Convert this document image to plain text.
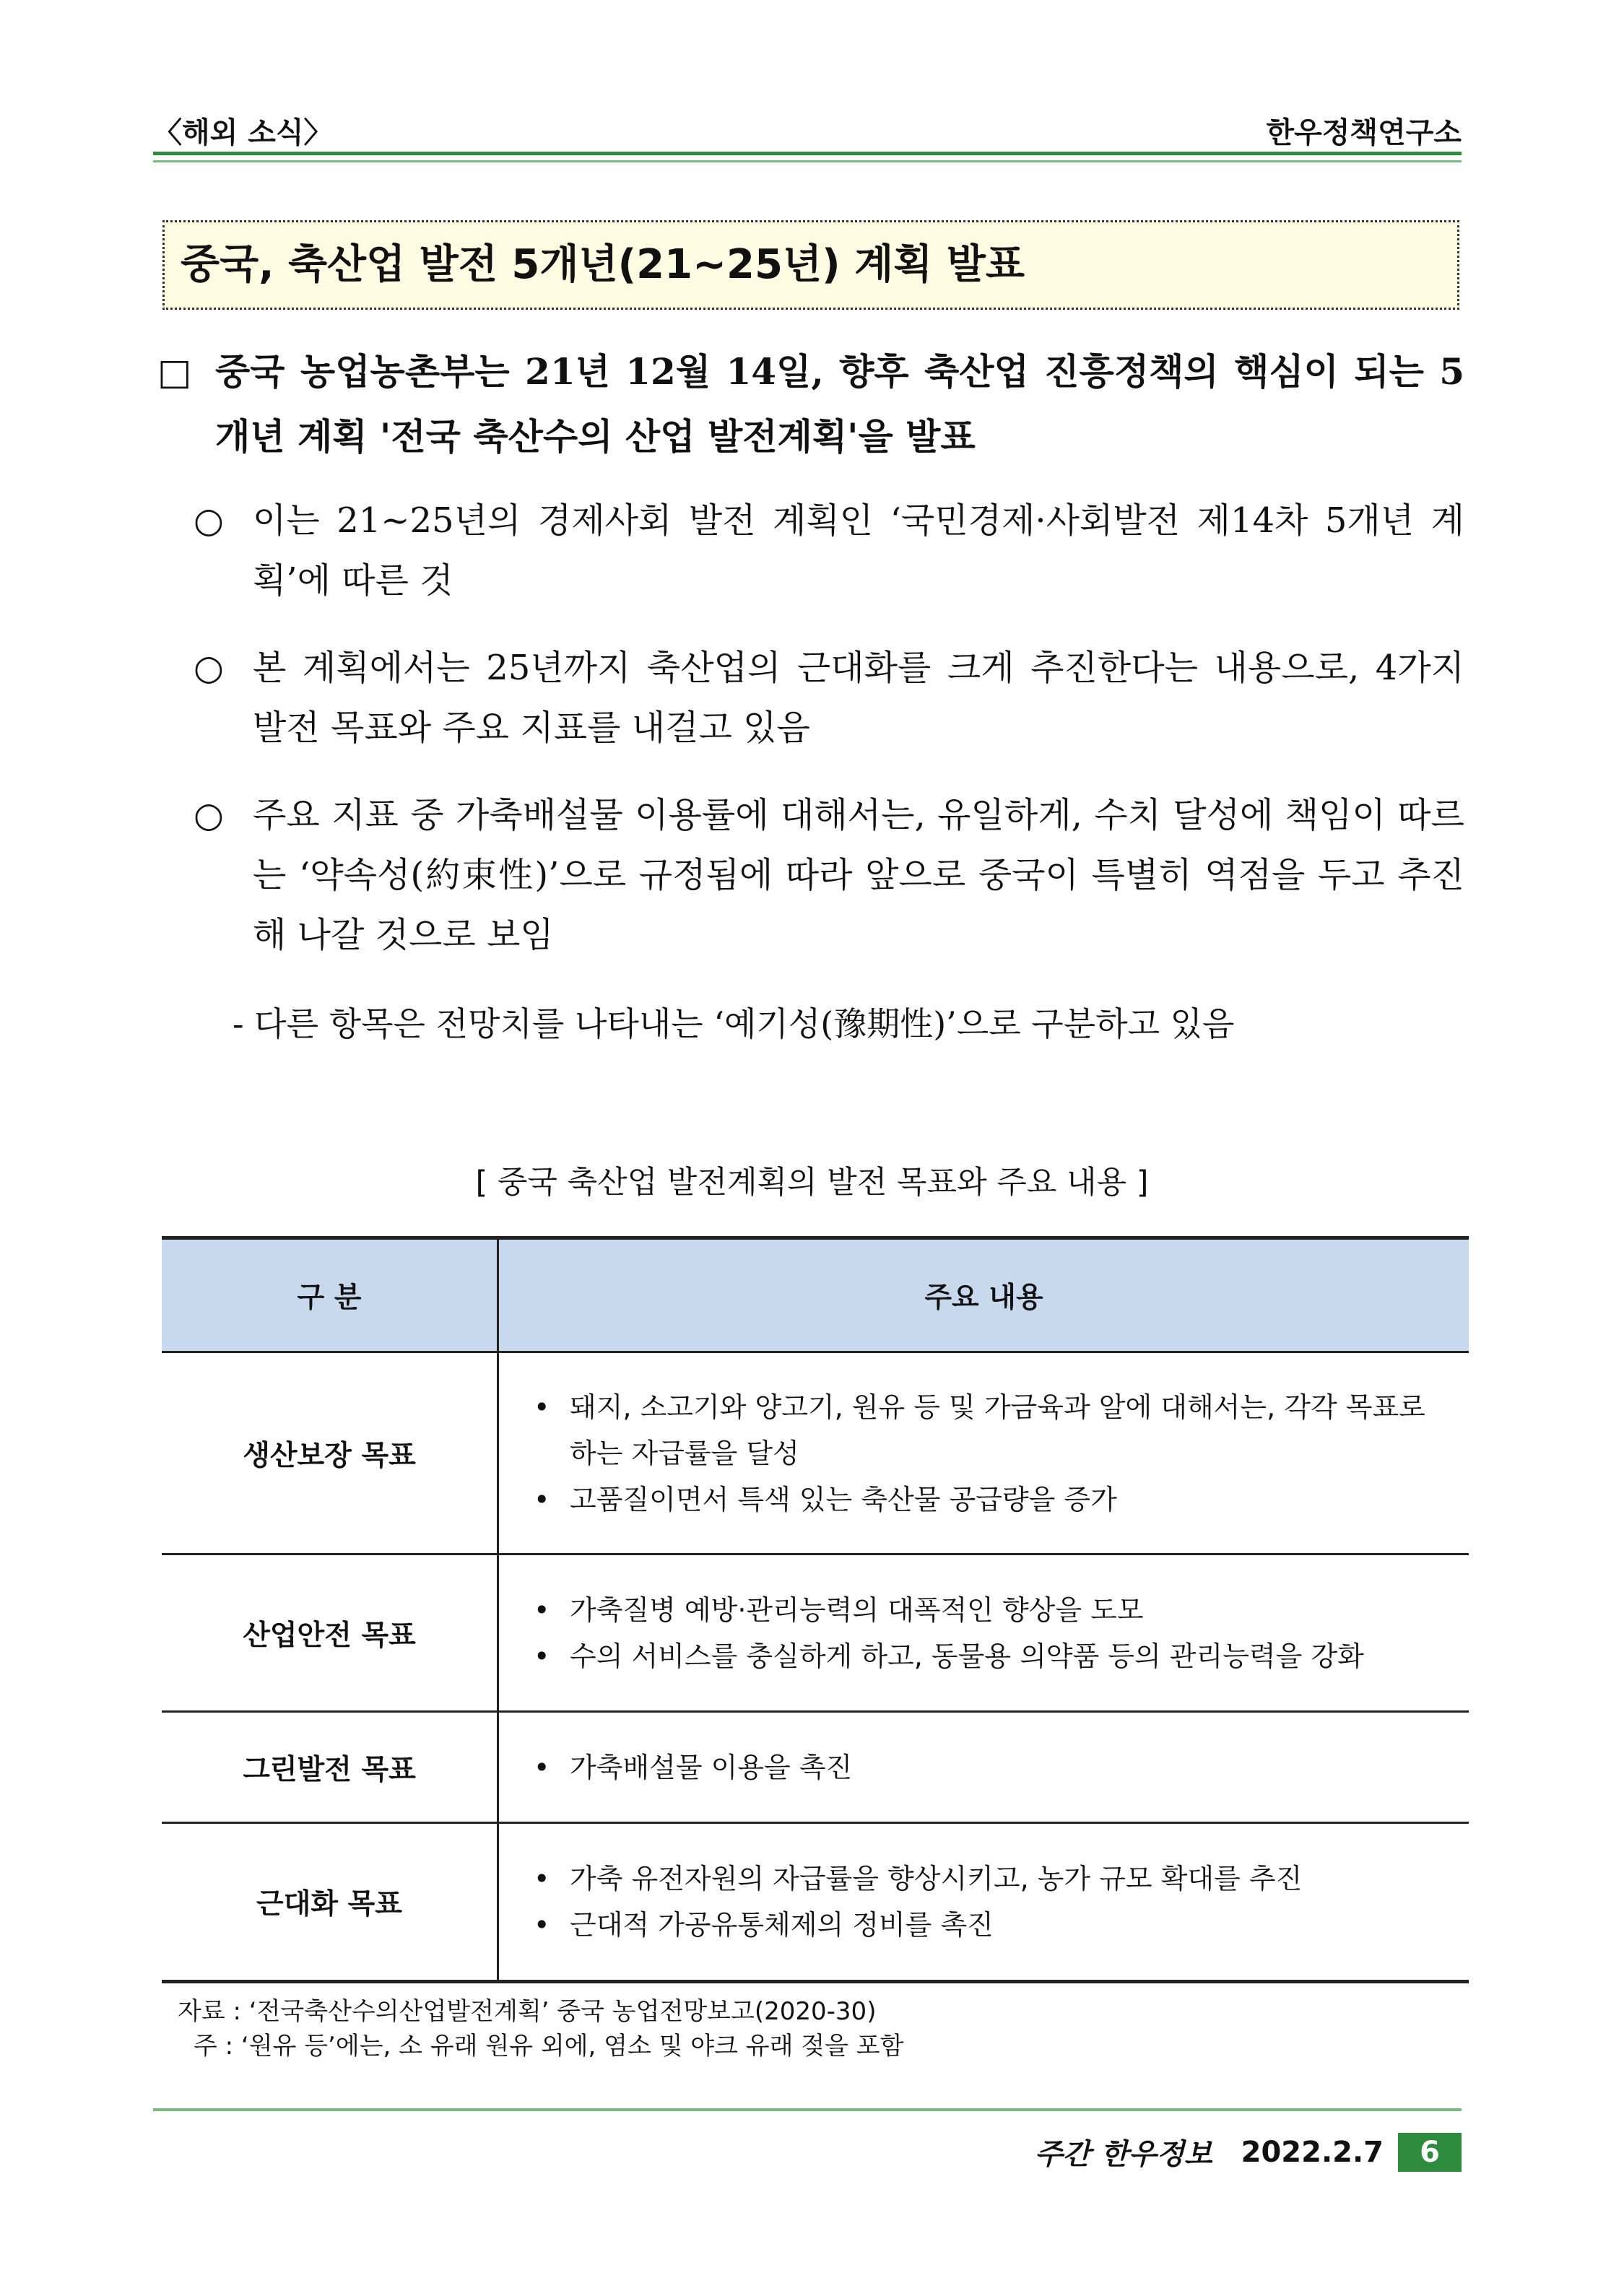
〈해외 소식〉	한우정책연구소
중국, 축산업 발전 5개년(21~25년) 계획 발표
□ 중국 농업농촌부는 21년 12월 14일, 향후 축산업 진흥정책의 핵심이 되는 5개년 계획 '전국 축산수의 산업 발전계획'을 발표
○ 이는 21~25년의 경제사회 발전 계획인 ‘국민경제·사회발전 제14차 5개년 계획’에 따른 것
○ 본 계획에서는 25년까지 축산업의 근대화를 크게 추진한다는 내용으로, 4가지 발전 목표와 주요 지표를 내걸고 있음
○ 주요 지표 중 가축배설물 이용률에 대해서는, 유일하게, 수치 달성에 책임이 따르는 ‘약속성(約束性)’으로 규정됨에 따라 앞으로 중국이 특별히 역점을 두고 추진해 나갈 것으로 보임
- 다른 항목은 전망치를 나타내는 ‘예기성(豫期性)’으로 구분하고 있음
[ 중국 축산업 발전계획의 발전 목표와 주요 내용 ]
구 분	주요 내용
생산보장 목표	• 돼지, 소고기와 양고기, 원유 등 및 가금육과 알에 대해서는, 각각 목표로 하는 자급률을 달성
• 고품질이면서 특색 있는 축산물 공급량을 증가

산업안전 목표	• 가축질병 예방·관리능력의 대폭적인 향상을 도모
• 수의 서비스를 충실하게 하고, 동물용 의약품 등의 관리능력을 강화

그린발전 목표	• 가축배설물 이용을 촉진

근대화 목표	• 가축 유전자원의 자급률을 향상시키고, 농가 규모 확대를 추진
• 근대적 가공유통체제의 정비를 촉진
자료 : ‘전국축산수의산업발전계획’ 중국 농업전망보고(2020-30)
주 : ‘원유 등’에는, 소 유래 원유 외에, 염소 및 야크 유래 젖을 포함
주간 한우정보 2022.2.7	6
